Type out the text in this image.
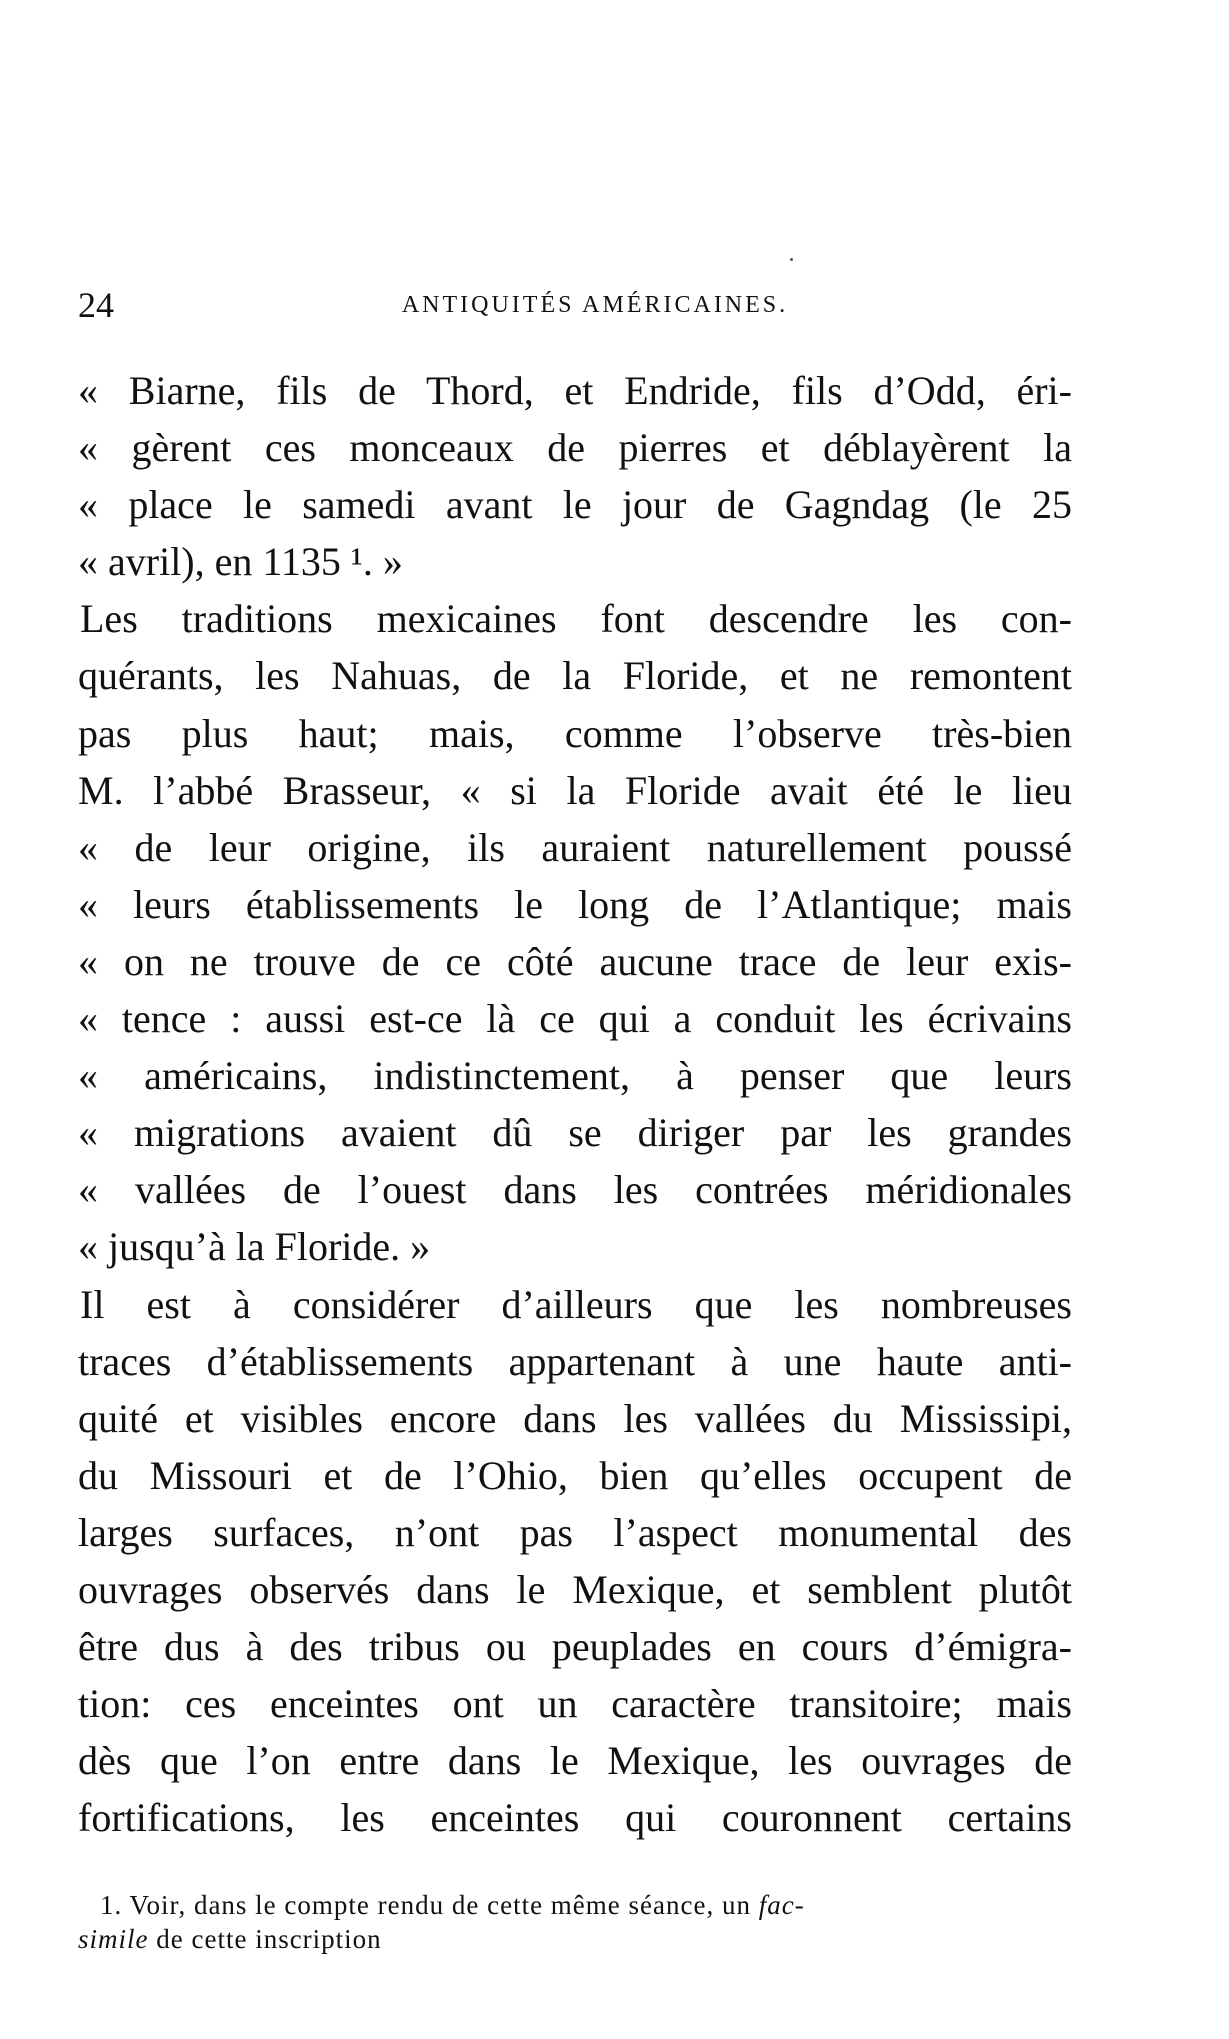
24	ANTIQUITÉS AMÉRICAINES.
« Biarne, fils de Thord, et Endride, fils d’Odd, éri-
« gèrent ces monceaux de pierres et déblayèrent la
« place le samedi avant le jour de Gagndag (le 25
« avril), en 1135 ¹. »
Les traditions mexicaines font descendre les con-
quérants, les Nahuas, de la Floride, et ne remontent
pas plus haut; mais, comme l’observe très-bien
M. l’abbé Brasseur, « si la Floride avait été le lieu
« de leur origine, ils auraient naturellement poussé
« leurs établissements le long de l’Atlantique; mais
« on ne trouve de ce côté aucune trace de leur exis-
« tence : aussi est-ce là ce qui a conduit les écrivains
« américains, indistinctement, à penser que leurs
« migrations avaient dû se diriger par les grandes
« vallées de l’ouest dans les contrées méridionales
« jusqu’à la Floride. »
Il est à considérer d’ailleurs que les nombreuses
traces d’établissements appartenant à une haute anti-
quité et visibles encore dans les vallées du Mississipi,
du Missouri et de l’Ohio, bien qu’elles occupent de
larges surfaces, n’ont pas l’aspect monumental des
ouvrages observés dans le Mexique, et semblent plutôt
être dus à des tribus ou peuplades en cours d’émigra-
tion: ces enceintes ont un caractère transitoire; mais
dès que l’on entre dans le Mexique, les ouvrages de
fortifications, les enceintes qui couronnent certains
1. Voir, dans le compte rendu de cette même séance, un fac-
simile de cette inscription
